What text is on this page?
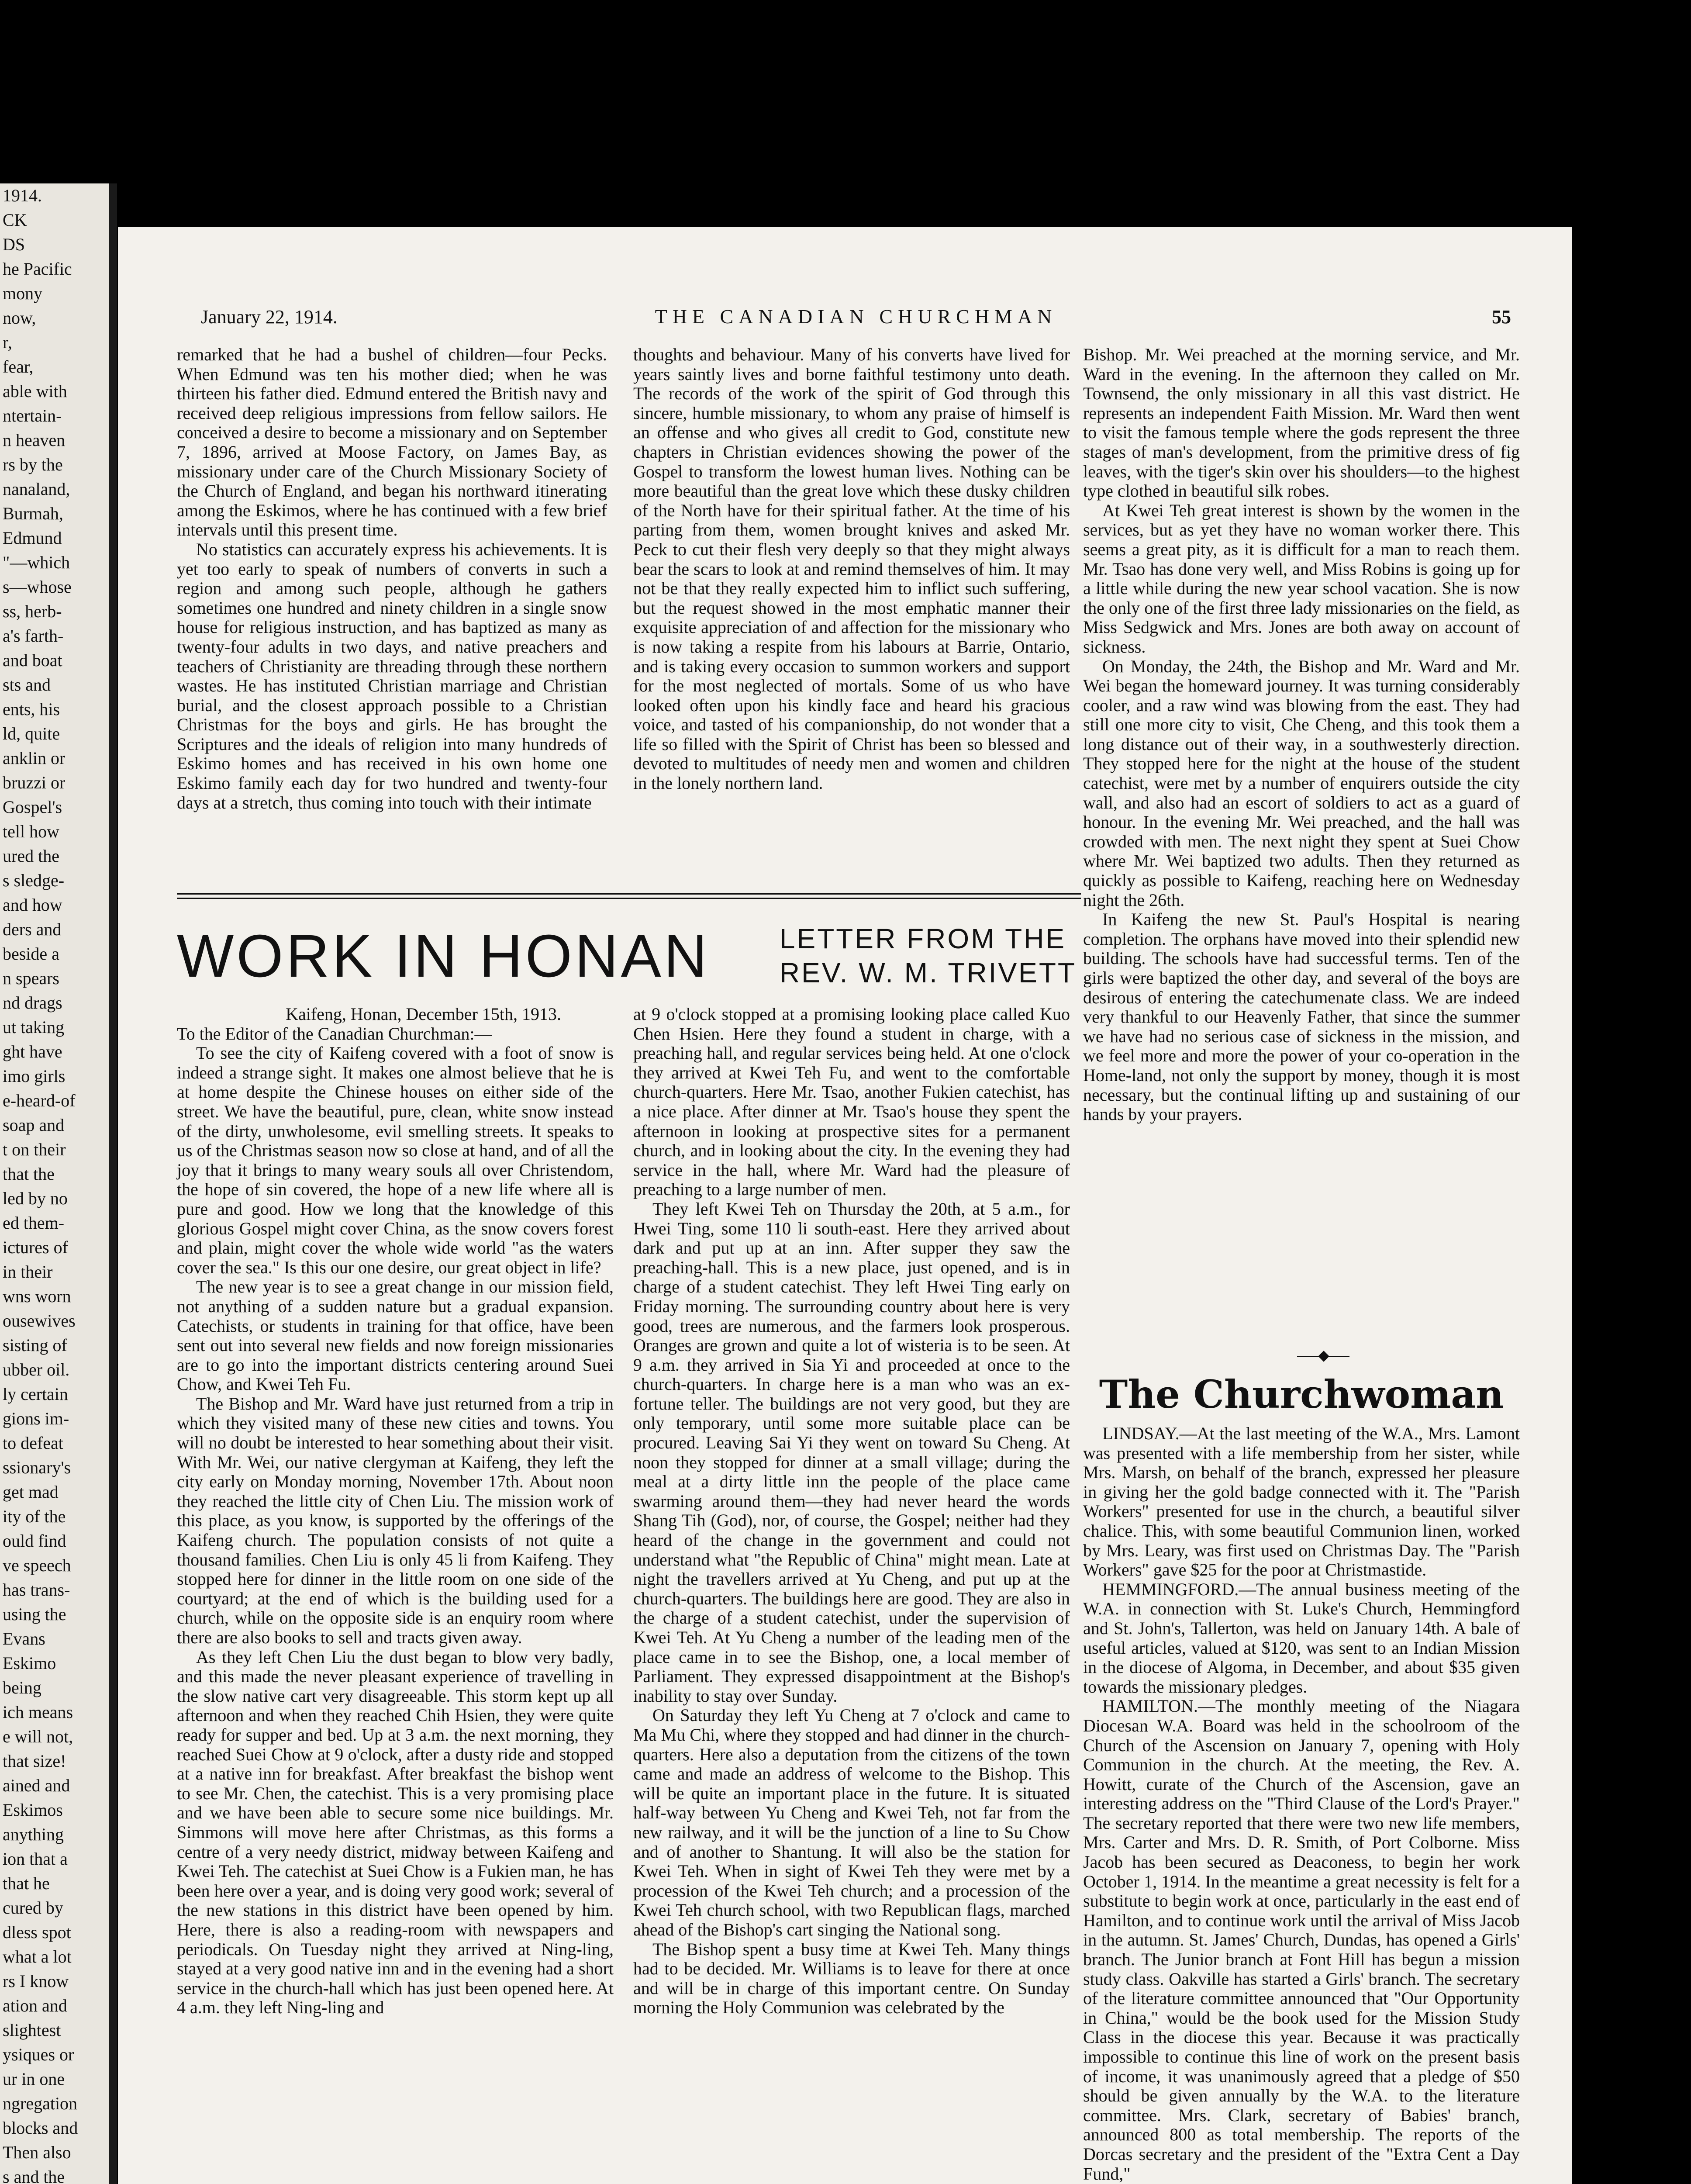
1914.
CK
DS
he Pacific
mony
now,
r,
fear,
able with
ntertain-
n heaven
rs by the
nanaland,
Burmah,
Edmund
"—which
s—whose
ss, herb-
a's farth-
and boat
sts and
ents, his
ld, quite
anklin or
bruzzi or
Gospel's
tell how
ured the
s sledge-
and how
ders and
beside a
n spears
nd drags
ut taking
ght have
imo girls
e-heard-of
soap and
t on their
that the
led by no
ed them-
ictures of
in their
wns worn
ousewives
sisting of
ubber oil.
ly certain
gions im-
to defeat
ssionary's
get mad
ity of the
ould find
ve speech
has trans-
using the
Evans
Eskimo
being
ich means
e will not,
that size!
ained and
Eskimos
anything
ion that a
that he
cured by
dless spot
what a lot
rs I know
ation and
slightest
ysiques or
ur in one
ngregation
blocks and
Then also
s and the
January 22, 1914.	THE CANADIAN CHURCHMAN	55

remarked that he had a bushel of children—four Pecks. When Edmund was ten his mother died; when he was thirteen his father died. Edmund entered the British navy and received deep religious impressions from fellow sailors. He conceived a desire to become a missionary and on September 7, 1896, arrived at Moose Factory, on James Bay, as missionary under care of the Church Missionary Society of the Church of England, and began his northward itinerating among the Eskimos, where he has continued with a few brief intervals until this present time.

No statistics can accurately express his achievements. It is yet too early to speak of numbers of converts in such a region and among such people, although he gathers sometimes one hundred and ninety children in a single snow house for religious instruction, and has baptized as many as twenty-four adults in two days, and native preachers and teachers of Christianity are threading through these northern wastes. He has instituted Christian marriage and Christian burial, and the closest approach possible to a Christian Christmas for the boys and girls. He has brought the Scriptures and the ideals of religion into many hundreds of Eskimo homes and has received in his own home one Eskimo family each day for two hundred and twenty-four days at a stretch, thus coming into touch with their intimate

thoughts and behaviour. Many of his converts have lived for years saintly lives and borne faithful testimony unto death. The records of the work of the spirit of God through this sincere, humble missionary, to whom any praise of himself is an offense and who gives all credit to God, constitute new chapters in Christian evidences showing the power of the Gospel to transform the lowest human lives. Nothing can be more beautiful than the great love which these dusky children of the North have for their spiritual father. At the time of his parting from them, women brought knives and asked Mr. Peck to cut their flesh very deeply so that they might always bear the scars to look at and remind themselves of him. It may not be that they really expected him to inflict such suffering, but the request showed in the most emphatic manner their exquisite appreciation of and affection for the missionary who is now taking a respite from his labours at Barrie, Ontario, and is taking every occasion to summon workers and support for the most neglected of mortals. Some of us who have looked often upon his kindly face and heard his gracious voice, and tasted of his companionship, do not wonder that a life so filled with the Spirit of Christ has been so blessed and devoted to multitudes of needy men and women and children in the lonely northern land.

Bishop. Mr. Wei preached at the morning service, and Mr. Ward in the evening. In the afternoon they called on Mr. Townsend, the only missionary in all this vast district. He represents an independent Faith Mission. Mr. Ward then went to visit the famous temple where the gods represent the three stages of man's development, from the primitive dress of fig leaves, with the tiger's skin over his shoulders—to the highest type clothed in beautiful silk robes.

At Kwei Teh great interest is shown by the women in the services, but as yet they have no woman worker there. This seems a great pity, as it is difficult for a man to reach them. Mr. Tsao has done very well, and Miss Robins is going up for a little while during the new year school vacation. She is now the only one of the first three lady missionaries on the field, as Miss Sedgwick and Mrs. Jones are both away on account of sickness.

On Monday, the 24th, the Bishop and Mr. Ward and Mr. Wei began the homeward journey. It was turning considerably cooler, and a raw wind was blowing from the east. They had still one more city to visit, Che Cheng, and this took them a long distance out of their way, in a southwesterly direction. They stopped here for the night at the house of the student catechist, were met by a number of enquirers outside the city wall, and also had an escort of soldiers to act as a guard of honour. In the evening Mr. Wei preached, and the hall was crowded with men. The next night they spent at Suei Chow where Mr. Wei baptized two adults. Then they returned as quickly as possible to Kaifeng, reaching here on Wednesday night the 26th.

In Kaifeng the new St. Paul's Hospital is nearing completion. The orphans have moved into their splendid new building. The schools have had successful terms. Ten of the girls were baptized the other day, and several of the boys are desirous of entering the catechumenate class. We are indeed very thankful to our Heavenly Father, that since the summer we have had no serious case of sickness in the mission, and we feel more and more the power of your co-operation in the Home-land, not only the support by money, though it is most necessary, but the continual lifting up and sustaining of our hands by your prayers.

WORK IN HONAN LETTER FROM THE
REV. W. M. TRIVETT

Kaifeng, Honan, December 15th, 1913.

To the Editor of the Canadian Churchman:—

To see the city of Kaifeng covered with a foot of snow is indeed a strange sight. It makes one almost believe that he is at home despite the Chinese houses on either side of the street. We have the beautiful, pure, clean, white snow instead of the dirty, unwholesome, evil smelling streets. It speaks to us of the Christmas season now so close at hand, and of all the joy that it brings to many weary souls all over Christendom, the hope of sin covered, the hope of a new life where all is pure and good. How we long that the knowledge of this glorious Gospel might cover China, as the snow covers forest and plain, might cover the whole wide world "as the waters cover the sea." Is this our one desire, our great object in life?

The new year is to see a great change in our mission field, not anything of a sudden nature but a gradual expansion. Catechists, or students in training for that office, have been sent out into several new fields and now foreign missionaries are to go into the important districts centering around Suei Chow, and Kwei Teh Fu.

The Bishop and Mr. Ward have just returned from a trip in which they visited many of these new cities and towns. You will no doubt be interested to hear something about their visit. With Mr. Wei, our native clergyman at Kaifeng, they left the city early on Monday morning, November 17th. About noon they reached the little city of Chen Liu. The mission work of this place, as you know, is supported by the offerings of the Kaifeng church. The population consists of not quite a thousand families. Chen Liu is only 45 li from Kaifeng. They stopped here for dinner in the little room on one side of the courtyard; at the end of which is the building used for a church, while on the opposite side is an enquiry room where there are also books to sell and tracts given away.

As they left Chen Liu the dust began to blow very badly, and this made the never pleasant experience of travelling in the slow native cart very disagreeable. This storm kept up all afternoon and when they reached Chih Hsien, they were quite ready for supper and bed. Up at 3 a.m. the next morning, they reached Suei Chow at 9 o'clock, after a dusty ride and stopped at a native inn for breakfast. After breakfast the bishop went to see Mr. Chen, the catechist. This is a very promising place and we have been able to secure some nice buildings. Mr. Simmons will move here after Christmas, as this forms a centre of a very needy district, midway between Kaifeng and Kwei Teh. The catechist at Suei Chow is a Fukien man, he has been here over a year, and is doing very good work; several of the new stations in this district have been opened by him. Here, there is also a reading-room with newspapers and periodicals. On Tuesday night they arrived at Ning-ling, stayed at a very good native inn and in the evening had a short service in the church-hall which has just been opened here. At 4 a.m. they left Ning-ling and

at 9 o'clock stopped at a promising looking place called Kuo Chen Hsien. Here they found a student in charge, with a preaching hall, and regular services being held. At one o'clock they arrived at Kwei Teh Fu, and went to the comfortable church-quarters. Here Mr. Tsao, another Fukien catechist, has a nice place. After dinner at Mr. Tsao's house they spent the afternoon in looking at prospective sites for a permanent church, and in looking about the city. In the evening they had service in the hall, where Mr. Ward had the pleasure of preaching to a large number of men.

They left Kwei Teh on Thursday the 20th, at 5 a.m., for Hwei Ting, some 110 li south-east. Here they arrived about dark and put up at an inn. After supper they saw the preaching-hall. This is a new place, just opened, and is in charge of a student catechist. They left Hwei Ting early on Friday morning. The surrounding country about here is very good, trees are numerous, and the farmers look prosperous. Oranges are grown and quite a lot of wisteria is to be seen. At 9 a.m. they arrived in Sia Yi and proceeded at once to the church-quarters. In charge here is a man who was an ex-fortune teller. The buildings are not very good, but they are only temporary, until some more suitable place can be procured. Leaving Sai Yi they went on toward Su Cheng. At noon they stopped for dinner at a small village; during the meal at a dirty little inn the people of the place came swarming around them—they had never heard the words Shang Tih (God), nor, of course, the Gospel; neither had they heard of the change in the government and could not understand what "the Republic of China" might mean. Late at night the travellers arrived at Yu Cheng, and put up at the church-quarters. The buildings here are good. They are also in the charge of a student catechist, under the supervision of Kwei Teh. At Yu Cheng a number of the leading men of the place came in to see the Bishop, one, a local member of Parliament. They expressed disappointment at the Bishop's inability to stay over Sunday.

On Saturday they left Yu Cheng at 7 o'clock and came to Ma Mu Chi, where they stopped and had dinner in the church-quarters. Here also a deputation from the citizens of the town came and made an address of welcome to the Bishop. This will be quite an important place in the future. It is situated half-way between Yu Cheng and Kwei Teh, not far from the new railway, and it will be the junction of a line to Su Chow and of another to Shantung. It will also be the station for Kwei Teh. When in sight of Kwei Teh they were met by a procession of the Kwei Teh church; and a procession of the Kwei Teh church school, with two Republican flags, marched ahead of the Bishop's cart singing the National song.

The Bishop spent a busy time at Kwei Teh. Many things had to be decided. Mr. Williams is to leave for there at once and will be in charge of this important centre. On Sunday morning the Holy Communion was celebrated by the

The Churchwoman

LINDSAY.—At the last meeting of the W.A., Mrs. Lamont was presented with a life membership from her sister, while Mrs. Marsh, on behalf of the branch, expressed her pleasure in giving her the gold badge connected with it. The "Parish Workers" presented for use in the church, a beautiful silver chalice. This, with some beautiful Communion linen, worked by Mrs. Leary, was first used on Christmas Day. The "Parish Workers" gave $25 for the poor at Christmastide.

HEMMINGFORD.—The annual business meeting of the W.A. in connection with St. Luke's Church, Hemmingford and St. John's, Tallerton, was held on January 14th. A bale of useful articles, valued at $120, was sent to an Indian Mission in the diocese of Algoma, in December, and about $35 given towards the missionary pledges.

HAMILTON.—The monthly meeting of the Niagara Diocesan W.A. Board was held in the schoolroom of the Church of the Ascension on January 7, opening with Holy Communion in the church. At the meeting, the Rev. A. Howitt, curate of the Church of the Ascension, gave an interesting address on the "Third Clause of the Lord's Prayer." The secretary reported that there were two new life members, Mrs. Carter and Mrs. D. R. Smith, of Port Colborne. Miss Jacob has been secured as Deaconess, to begin her work October 1, 1914. In the meantime a great necessity is felt for a substitute to begin work at once, particularly in the east end of Hamilton, and to continue work until the arrival of Miss Jacob in the autumn. St. James' Church, Dundas, has opened a Girls' branch. The Junior branch at Font Hill has begun a mission study class. Oakville has started a Girls' branch. The secretary of the literature committee announced that "Our Opportunity in China," would be the book used for the Mission Study Class in the diocese this year. Because it was practically impossible to continue this line of work on the present basis of income, it was unanimously agreed that a pledge of $50 should be given annually by the W.A. to the literature committee. Mrs. Clark, secretary of Babies' branch, announced 800 as total membership. The reports of the Dorcas secretary and the president of the "Extra Cent a Day Fund,"
